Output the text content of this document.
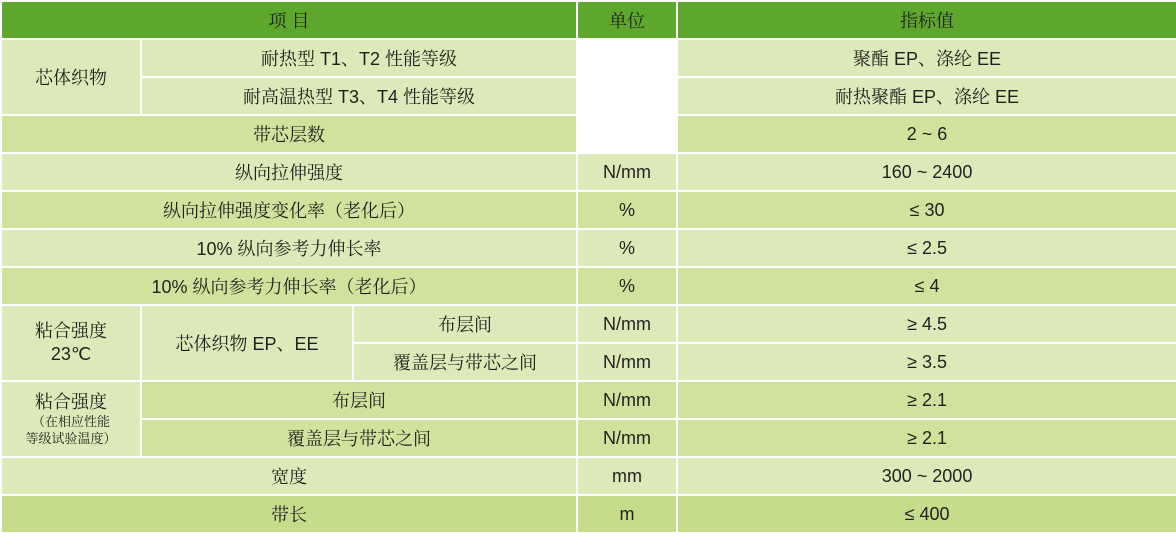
项 目			单位	指标值
芯体织物	耐热型 T1、T2 性能等级			聚酯 EP、涤纶 EE
	耐高温热型 T3、T4 性能等级			耐热聚酯 EP、涤纶 EE
带芯层数				2 ~ 6
纵向拉伸强度			N/mm	160 ~ 2400
纵向拉伸强度变化率（老化后）			%	≤ 30
10% 纵向参考力伸长率			%	≤ 2.5
10% 纵向参考力伸长率（老化后）			%	≤ 4

粘合强度
23℃	芯体织物 EP、EE	布层间	N/mm	≥ 4.5
		覆盖层与带芯之间	N/mm	≥ 3.5

粘合强度
（在相应性能
等级试验温度）	布层间		N/mm	≥ 2.1
	覆盖层与带芯之间		N/mm	≥ 2.1
宽度			mm	300 ~ 2000
带长			m	≤ 400
